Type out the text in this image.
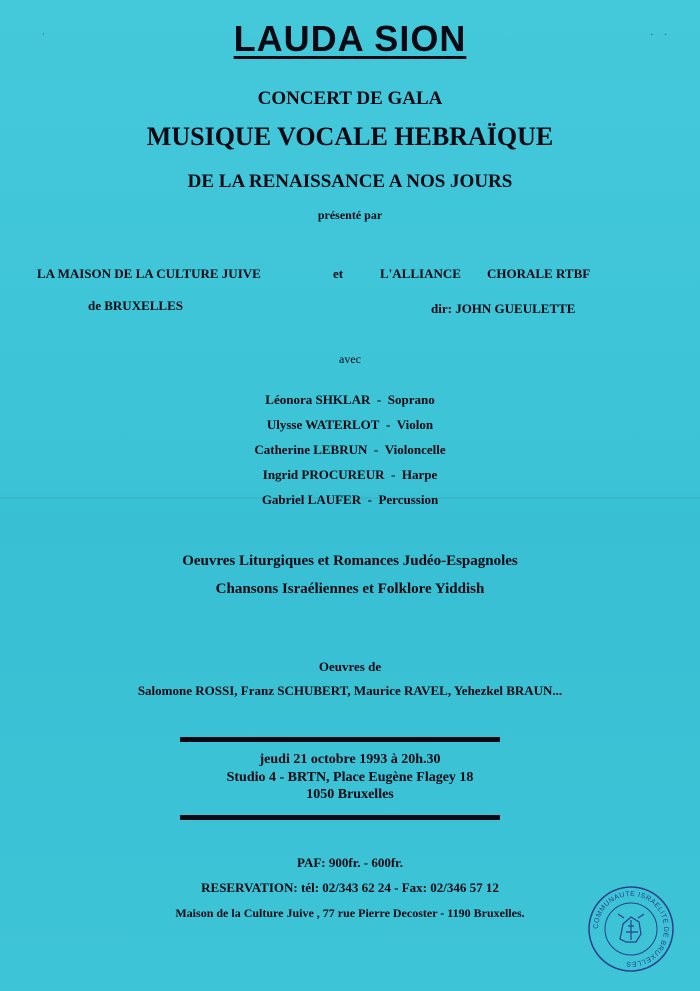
·	· ·
LAUDA SION
CONCERT DE GALA
MUSIQUE VOCALE HEBRAÏQUE
DE LA RENAISSANCE A NOS JOURS
présenté par
LA MAISON DE LA CULTURE JUIVE
de BRUXELLES
et	L'ALLIANCE CHORALE RTBF
dir: JOHN GUEULETTE
avec
Léonora SHKLAR
-
Soprano
Ulysse WATERLOT
-
Violon
Catherine LEBRUN
-
Violoncelle
Ingrid PROCUREUR
-
Harpe
Gabriel LAUFER
-
Percussion
Oeuvres Liturgiques et Romances Judéo-Espagnoles
Chansons Israéliennes et Folklore Yiddish
Oeuvres de
Salomone ROSSI, Franz SCHUBERT, Maurice RAVEL, Yehezkel BRAUN...
jeudi 21 octobre 1993 à 20h.30
Studio 4 - BRTN, Place Eugène Flagey 18
1050 Bruxelles
PAF: 900fr. - 600fr.
RESERVATION: tél: 02/343 62 24 - Fax: 02/346 57 12
Maison de la Culture Juive , 77 rue Pierre Decoster - 1190 Bruxelles.
COMMUNAUTE ISRAELITE DE BRUXELLES
